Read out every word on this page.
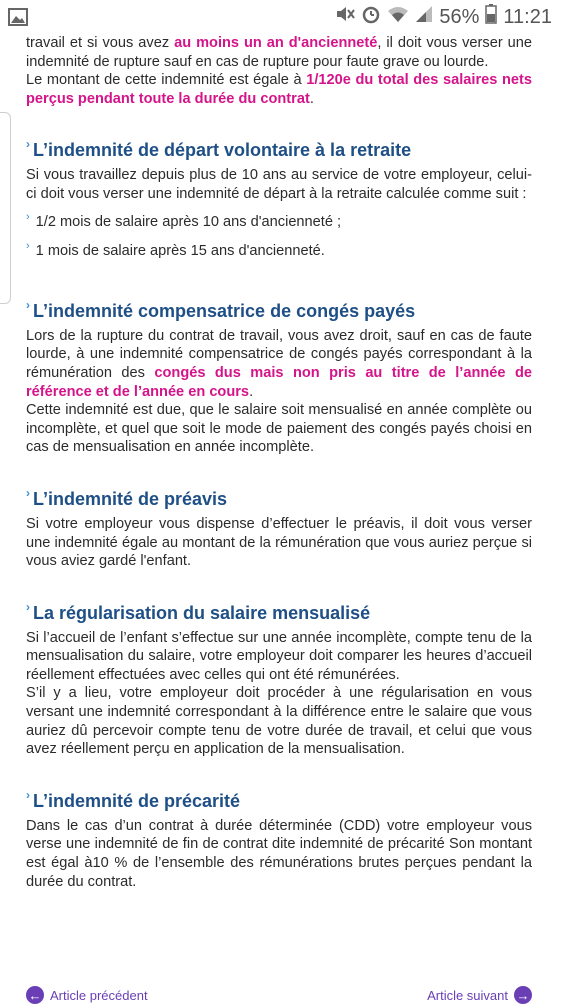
56% 11:21

travail et si vous avez au moins un an d'ancienneté, il doit vous verser une indemnité de rupture sauf en cas de rupture pour faute grave ou lourde.

Le montant de cette indemnité est égale à 1/120e du total des salaires nets perçus pendant toute la durée du contrat.

› L’indemnité de départ volontaire à la retraite

Si vous travaillez depuis plus de 10 ans au service de votre employeur, celui-ci doit vous verser une indemnité de départ à la retraite calculée comme suit :

› 1/2 mois de salaire après 10 ans d'ancienneté ;
› 1 mois de salaire après 15 ans d'ancienneté.
› L’indemnité compensatrice de congés payés

Lors de la rupture du contrat de travail, vous avez droit, sauf en cas de faute lourde, à une indemnité compensatrice de congés payés correspondant à la rémunération des congés dus mais non pris au titre de l’année de référence et de l’année en cours.

Cette indemnité est due, que le salaire soit mensualisé en année complète ou incomplète, et quel que soit le mode de paiement des congés payés choisi en cas de mensualisation en année incomplète.

› L’indemnité de préavis

Si votre employeur vous dispense d’effectuer le préavis, il doit vous verser une indemnité égale au montant de la rémunération que vous auriez perçue si vous aviez gardé l'enfant.

› La régularisation du salaire mensualisé

Si l’accueil de l’enfant s’effectue sur une année incomplète, compte tenu de la mensualisation du salaire, votre employeur doit comparer les heures d’accueil réellement effectuées avec celles qui ont été rémunérées.

S’il y a lieu, votre employeur doit procéder à une régularisation en vous versant une indemnité correspondant à la différence entre le salaire que vous auriez dû percevoir compte tenu de votre durée de travail, et celui que vous avez réellement perçu en application de la mensualisation.

› L’indemnité de précarité

Dans le cas d’un contrat à durée déterminée (CDD) votre employeur vous verse une indemnité de fin de contrat dite indemnité de précarité Son montant est égal à10 % de l’ensemble des rémunérations brutes perçues pendant la durée du contrat.

← Article précédent	Article suivant →
